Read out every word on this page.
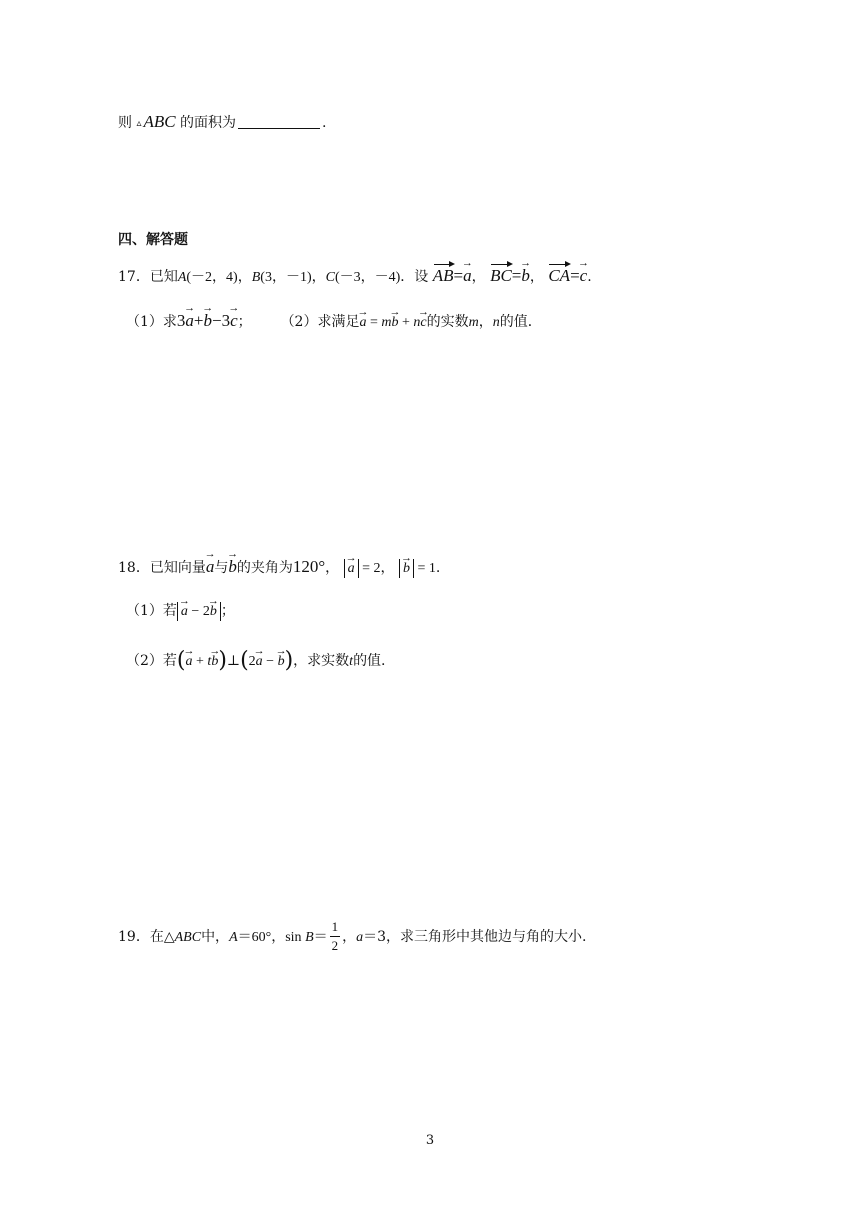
则 ▵ ABC 的面积为	.
四、解答题
17．已知A(－2，4)，B(3，－1)，C(－3，－4)．设 AB=→ a， BC=→ b， CA=→ c.
（1）求3→ a+→ b−3→ c； （2）求满足→ a = m→ b + n→ c的实数m，n的值．
18．已知向量→ a与→ b的夹角为120°， → a = 2， → b = 1.
（1）若 → a − 2→ b ；
（2）若(→ a + t→ b)⊥(2→ a − → b)，求实数t的值.
19．在△ABC中，A＝60°，$\sin B= \frac{1}{2}$ ，a＝3，求三角形中其他边与角的大小.
3
